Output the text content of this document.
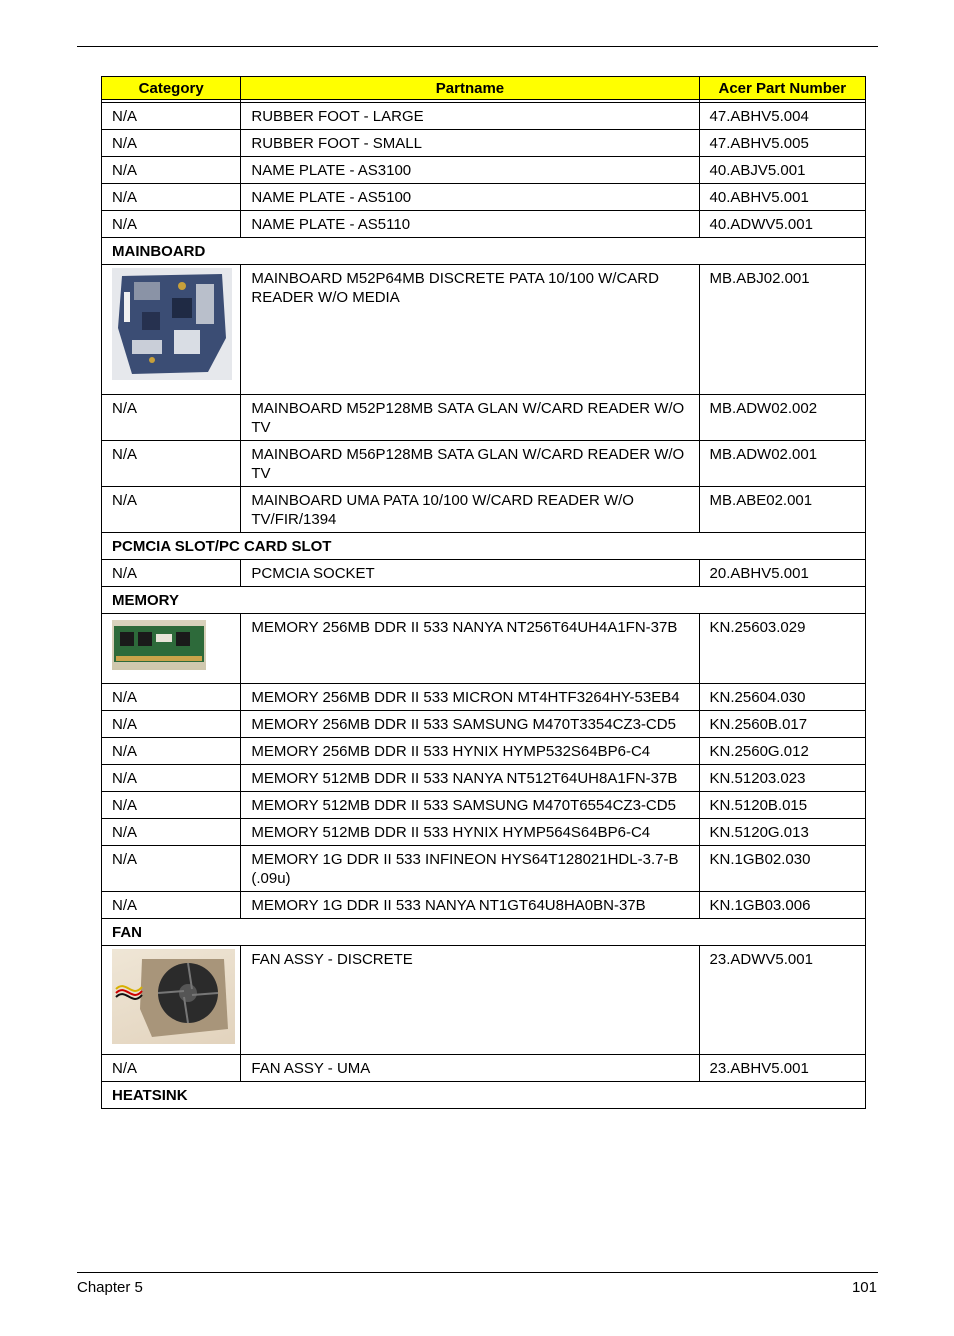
Category	Partname	Acer Part Number

N/A	RUBBER FOOT - LARGE	47.ABHV5.004
N/A	RUBBER FOOT - SMALL	47.ABHV5.005
N/A	NAME PLATE - AS3100	40.ABJV5.001
N/A	NAME PLATE - AS5100	40.ABHV5.001
N/A	NAME PLATE - AS5110	40.ADWV5.001
MAINBOARD		

	MAINBOARD M52P64MB DISCRETE PATA 10/100 W/CARD READER W/O MEDIA	MB.ABJ02.001
N/A	MAINBOARD M52P128MB SATA GLAN W/CARD READER W/O TV	MB.ADW02.002
N/A	MAINBOARD M56P128MB SATA GLAN W/CARD READER W/O TV	MB.ADW02.001
N/A	MAINBOARD UMA PATA 10/100 W/CARD READER W/O TV/FIR/1394	MB.ABE02.001
PCMCIA SLOT/PC CARD SLOT		
N/A	PCMCIA SOCKET	20.ABHV5.001
MEMORY		

	MEMORY 256MB DDR II 533 NANYA NT256T64UH4A1FN-37B	KN.25603.029
N/A	MEMORY 256MB DDR II 533 MICRON MT4HTF3264HY-53EB4	KN.25604.030
N/A	MEMORY 256MB DDR II 533 SAMSUNG M470T3354CZ3-CD5	KN.2560B.017
N/A	MEMORY 256MB DDR II 533 HYNIX HYMP532S64BP6-C4	KN.2560G.012
N/A	MEMORY 512MB DDR II 533 NANYA NT512T64UH8A1FN-37B	KN.51203.023
N/A	MEMORY 512MB DDR II 533 SAMSUNG M470T6554CZ3-CD5	KN.5120B.015
N/A	MEMORY 512MB DDR II 533 HYNIX HYMP564S64BP6-C4	KN.5120G.013
N/A	MEMORY 1G DDR II 533 INFINEON HYS64T128021HDL-3.7-B (.09u)	KN.1GB02.030
N/A	MEMORY 1G DDR II 533 NANYA NT1GT64U8HA0BN-37B	KN.1GB03.006
FAN		

	FAN ASSY - DISCRETE	23.ADWV5.001
N/A	FAN ASSY - UMA	23.ABHV5.001
HEATSINK		
Chapter 5	101
